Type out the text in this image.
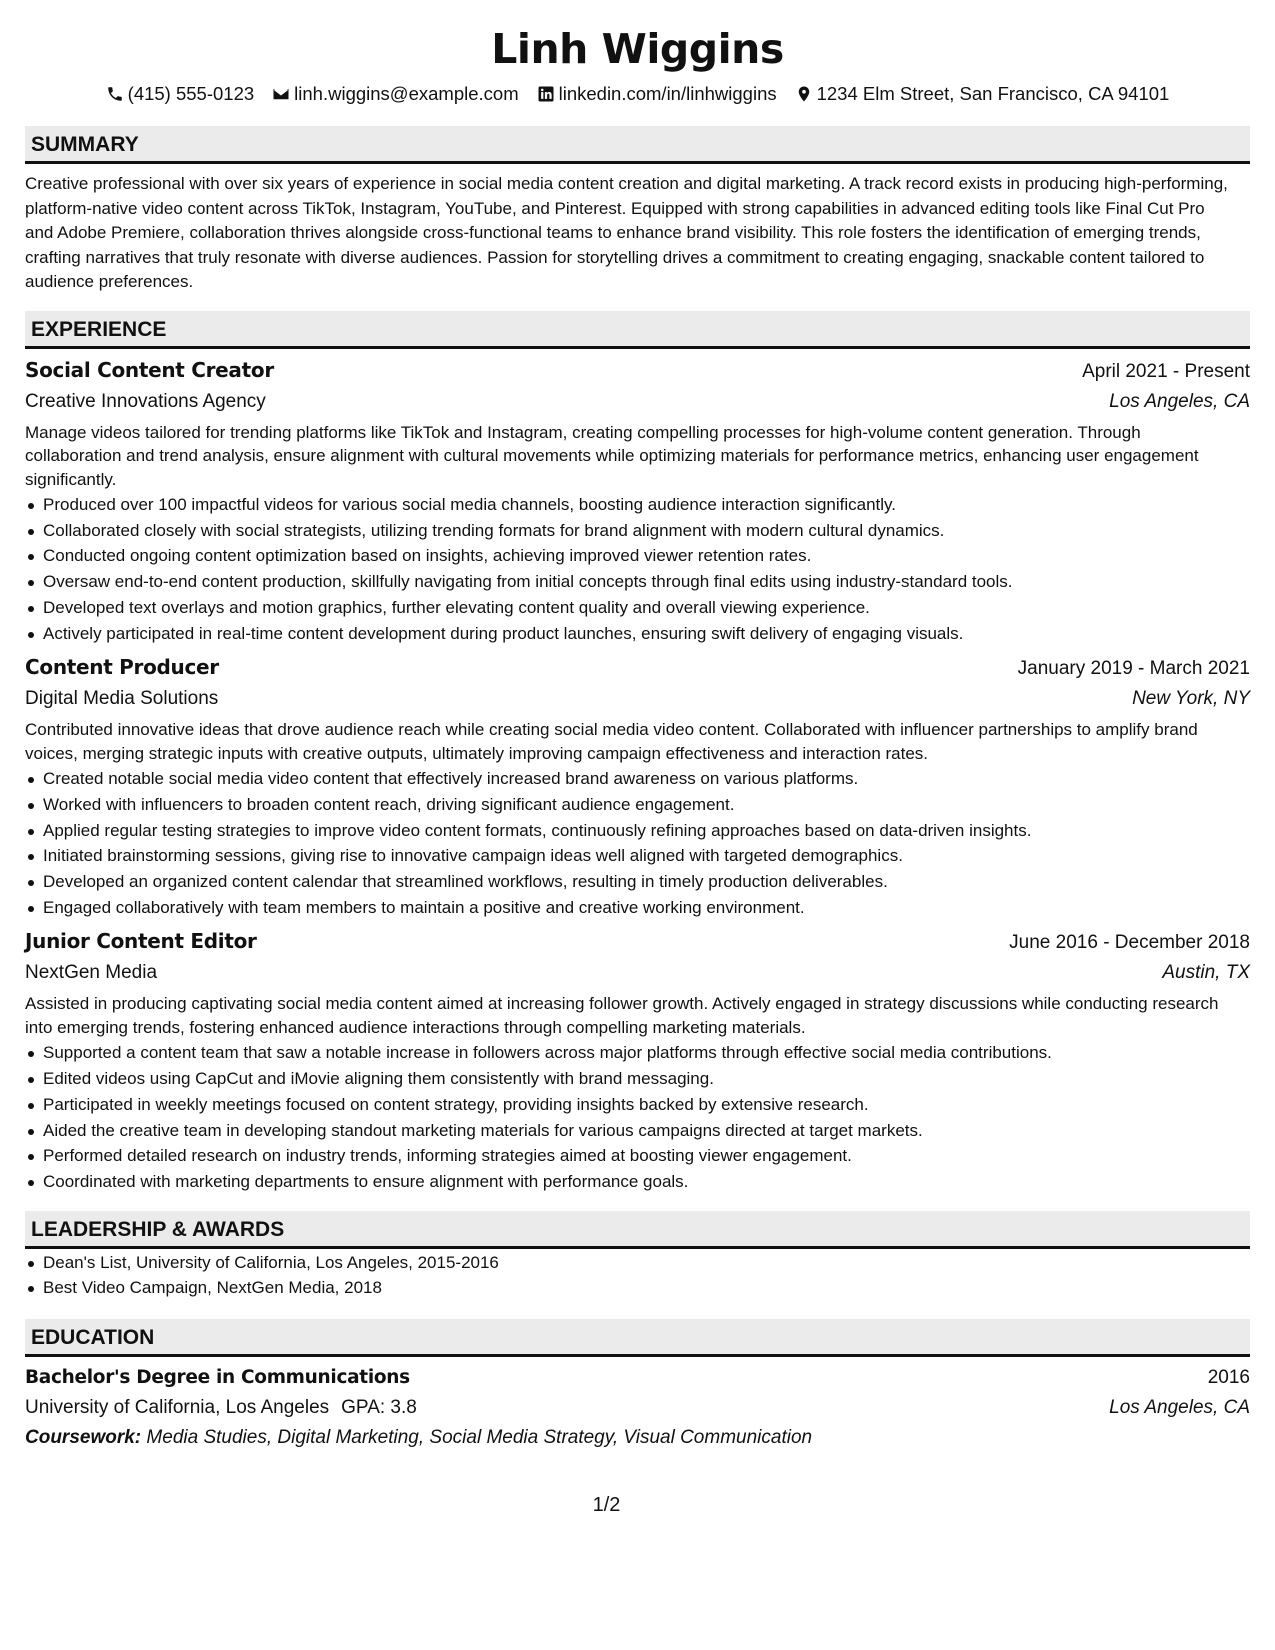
Linh Wiggins
(415) 555-0123 linh.wiggins@example.com linkedin.com/in/linhwiggins 1234 Elm Street, San Francisco, CA 94101
SUMMARY
Creative professional with over six years of experience in social media content creation and digital marketing. A track record exists in producing high-performing, platform-native video content across TikTok, Instagram, YouTube, and Pinterest. Equipped with strong capabilities in advanced editing tools like Final Cut Pro and Adobe Premiere, collaboration thrives alongside cross-functional teams to enhance brand visibility. This role fosters the identification of emerging trends, crafting narratives that truly resonate with diverse audiences. Passion for storytelling drives a commitment to creating engaging, snackable content tailored to audience preferences.
EXPERIENCE
Social Content Creator	April 2021 - Present
Creative Innovations Agency	Los Angeles, CA
Manage videos tailored for trending platforms like TikTok and Instagram, creating compelling processes for high-volume content generation. Through collaboration and trend analysis, ensure alignment with cultural movements while optimizing materials for performance metrics, enhancing user engagement significantly.
Produced over 100 impactful videos for various social media channels, boosting audience interaction significantly.
Collaborated closely with social strategists, utilizing trending formats for brand alignment with modern cultural dynamics.
Conducted ongoing content optimization based on insights, achieving improved viewer retention rates.
Oversaw end-to-end content production, skillfully navigating from initial concepts through final edits using industry-standard tools.
Developed text overlays and motion graphics, further elevating content quality and overall viewing experience.
Actively participated in real-time content development during product launches, ensuring swift delivery of engaging visuals.
Content Producer	January 2019 - March 2021
Digital Media Solutions	New York, NY
Contributed innovative ideas that drove audience reach while creating social media video content. Collaborated with influencer partnerships to amplify brand voices, merging strategic inputs with creative outputs, ultimately improving campaign effectiveness and interaction rates.
Created notable social media video content that effectively increased brand awareness on various platforms.
Worked with influencers to broaden content reach, driving significant audience engagement.
Applied regular testing strategies to improve video content formats, continuously refining approaches based on data-driven insights.
Initiated brainstorming sessions, giving rise to innovative campaign ideas well aligned with targeted demographics.
Developed an organized content calendar that streamlined workflows, resulting in timely production deliverables.
Engaged collaboratively with team members to maintain a positive and creative working environment.
Junior Content Editor	June 2016 - December 2018
NextGen Media	Austin, TX
Assisted in producing captivating social media content aimed at increasing follower growth. Actively engaged in strategy discussions while conducting research into emerging trends, fostering enhanced audience interactions through compelling marketing materials.
Supported a content team that saw a notable increase in followers across major platforms through effective social media contributions.
Edited videos using CapCut and iMovie aligning them consistently with brand messaging.
Participated in weekly meetings focused on content strategy, providing insights backed by extensive research.
Aided the creative team in developing standout marketing materials for various campaigns directed at target markets.
Performed detailed research on industry trends, informing strategies aimed at boosting viewer engagement.
Coordinated with marketing departments to ensure alignment with performance goals.
LEADERSHIP & AWARDS
Dean's List, University of California, Los Angeles, 2015-2016
Best Video Campaign, NextGen Media, 2018
EDUCATION
Bachelor's Degree in Communications	2016
University of California, Los Angeles GPA: 3.8	Los Angeles, CA
Coursework: Media Studies, Digital Marketing, Social Media Strategy, Visual Communication
1/2
